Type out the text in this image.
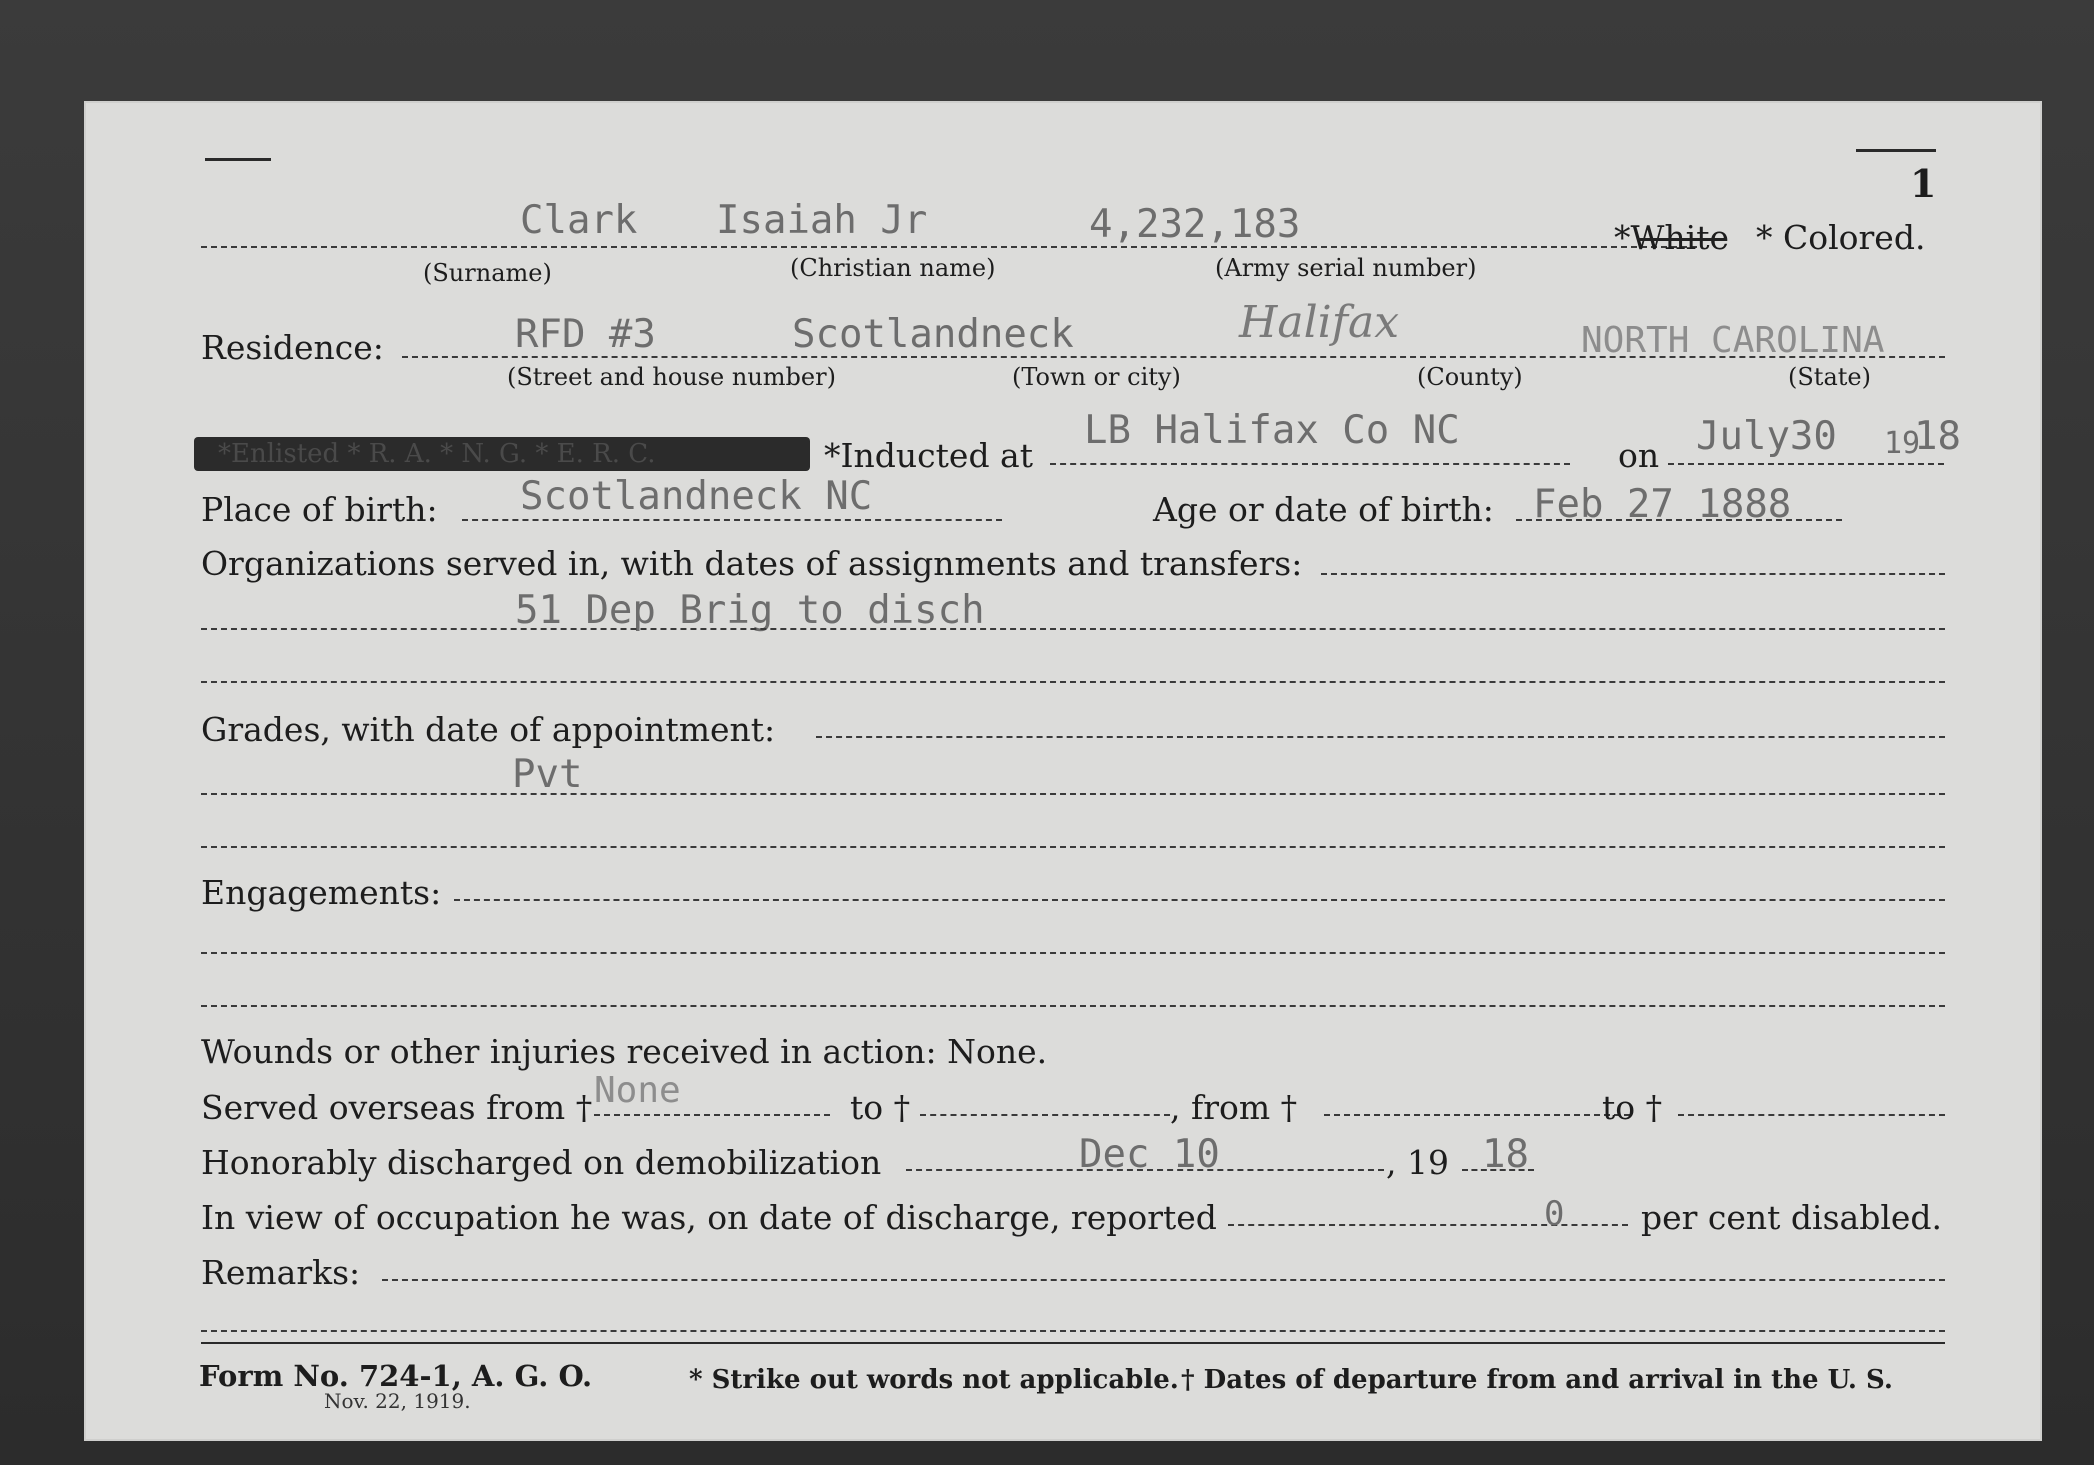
1
Clark Isaiah Jr	4,232,183	*White * Colored.
(Surname)	(Christian name)	(Army serial number)
Residence:	RFD #3	Scotlandneck	Halifax	NORTH CAROLINA
(Street and house number)	(Town or city)	(County)	(State)
*Enlisted * R. A. * N. G. * E. R. C.	*Inducted at
LB Halifax Co NC
on July30 19
18
Place of birth: Scotlandneck NC	Age or date of birth: Feb 27 1888
Organizations served in, with dates of assignments and transfers:
51 Dep Brig to disch
Grades, with date of appointment:
Pvt
Engagements:
Wounds or other injuries received in action: None.
Served overseas from † None	to †	, from †	to †
Honorably discharged on demobilization	Dec 10	, 19 18
In view of occupation he was, on date of discharge, reported	0 per cent disabled.
Remarks:
Form No. 724-1, A. G. O.
Nov. 22, 1919.
* Strike out words not applicable. † Dates of departure from and arrival in the U. S.
